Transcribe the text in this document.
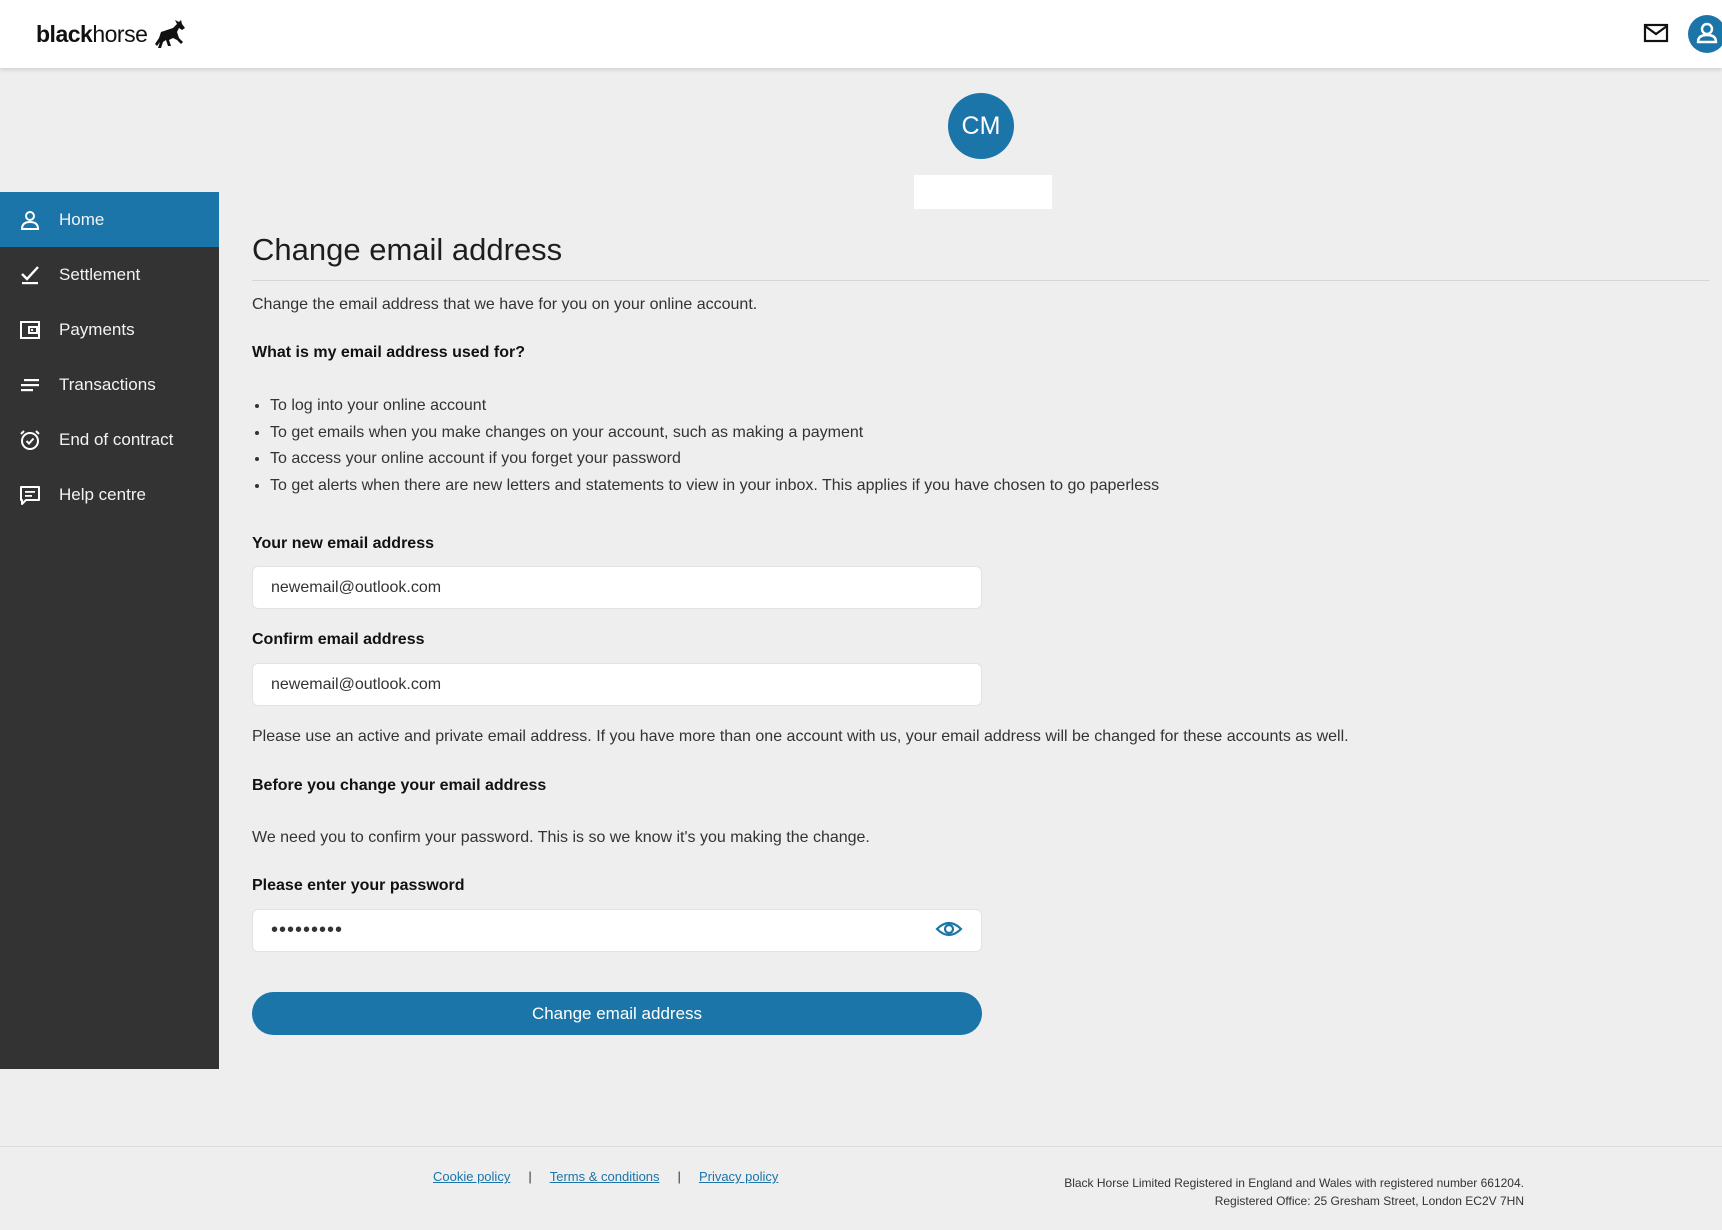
blackhorse
CM
Home
Settlement
Payments
Transactions
End of contract
Help centre
Change email address

Change the email address that we have for you on your online account.

What is my email address used for?
• To log into your online account
• To get emails when you make changes on your account, such as making a payment
• To access your online account if you forget your password
• To get alerts when there are new letters and statements to view in your inbox. This applies if you have chosen to go paperless
Your new email address
newemail@outlook.com
Confirm email address
newemail@outlook.com

Please use an active and private email address. If you have more than one account with us, your email address will be changed for these accounts as well.

Before you change your email address

We need you to confirm your password. This is so we know it's you making the change.

Please enter your password
Change email address
Cookie policy | Terms & conditions | Privacy policy	Black Horse Limited Registered in England and Wales with registered number 661204.
Registered Office: 25 Gresham Street, London EC2V 7HN
